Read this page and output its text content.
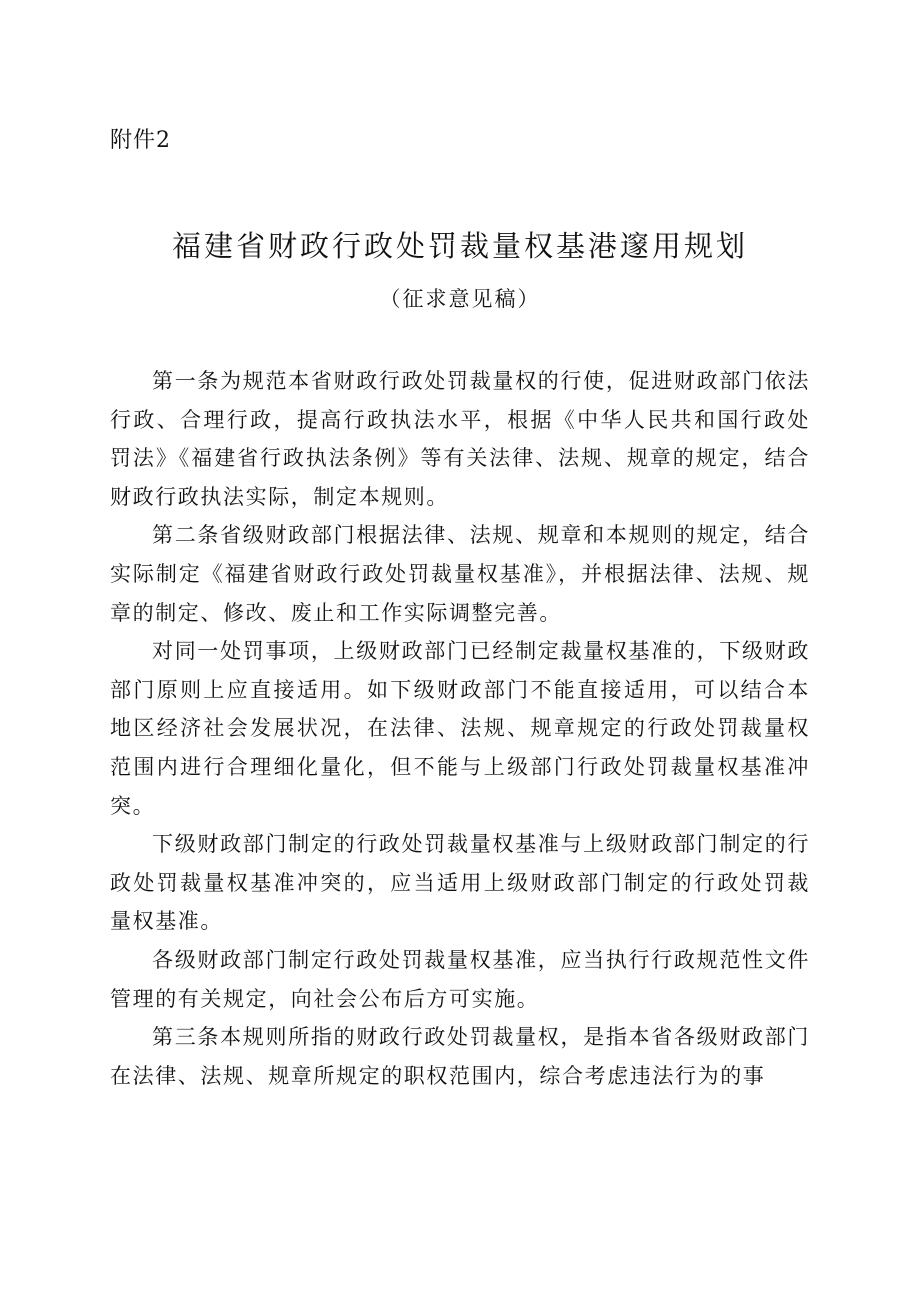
附件2
福建省财政行政处罚裁量权基港邃用规划
（征求意见稿）

第一条为规范本省财政行政处罚裁量权的行使，促进财政部门依法行政、合理行政，提高行政执法水平，根据《中华人民共和国行政处罚法》《福建省行政执法条例》等有关法律、法规、规章的规定，结合财政行政执法实际，制定本规则。

第二条省级财政部门根据法律、法规、规章和本规则的规定，结合实际制定《福建省财政行政处罚裁量权基准》，并根据法律、法规、规章的制定、修改、废止和工作实际调整完善。

对同一处罚事项，上级财政部门已经制定裁量权基准的，下级财政部门原则上应直接适用。如下级财政部门不能直接适用，可以结合本地区经济社会发展状况，在法律、法规、规章规定的行政处罚裁量权范围内进行合理细化量化，但不能与上级部门行政处罚裁量权基准冲突。

下级财政部门制定的行政处罚裁量权基准与上级财政部门制定的行政处罚裁量权基准冲突的，应当适用上级财政部门制定的行政处罚裁量权基准。

各级财政部门制定行政处罚裁量权基准，应当执行行政规范性文件管理的有关规定，向社会公布后方可实施。

第三条本规则所指的财政行政处罚裁量权，是指本省各级财政部门在法律、法规、规章所规定的职权范围内，综合考虑违法行为的事
